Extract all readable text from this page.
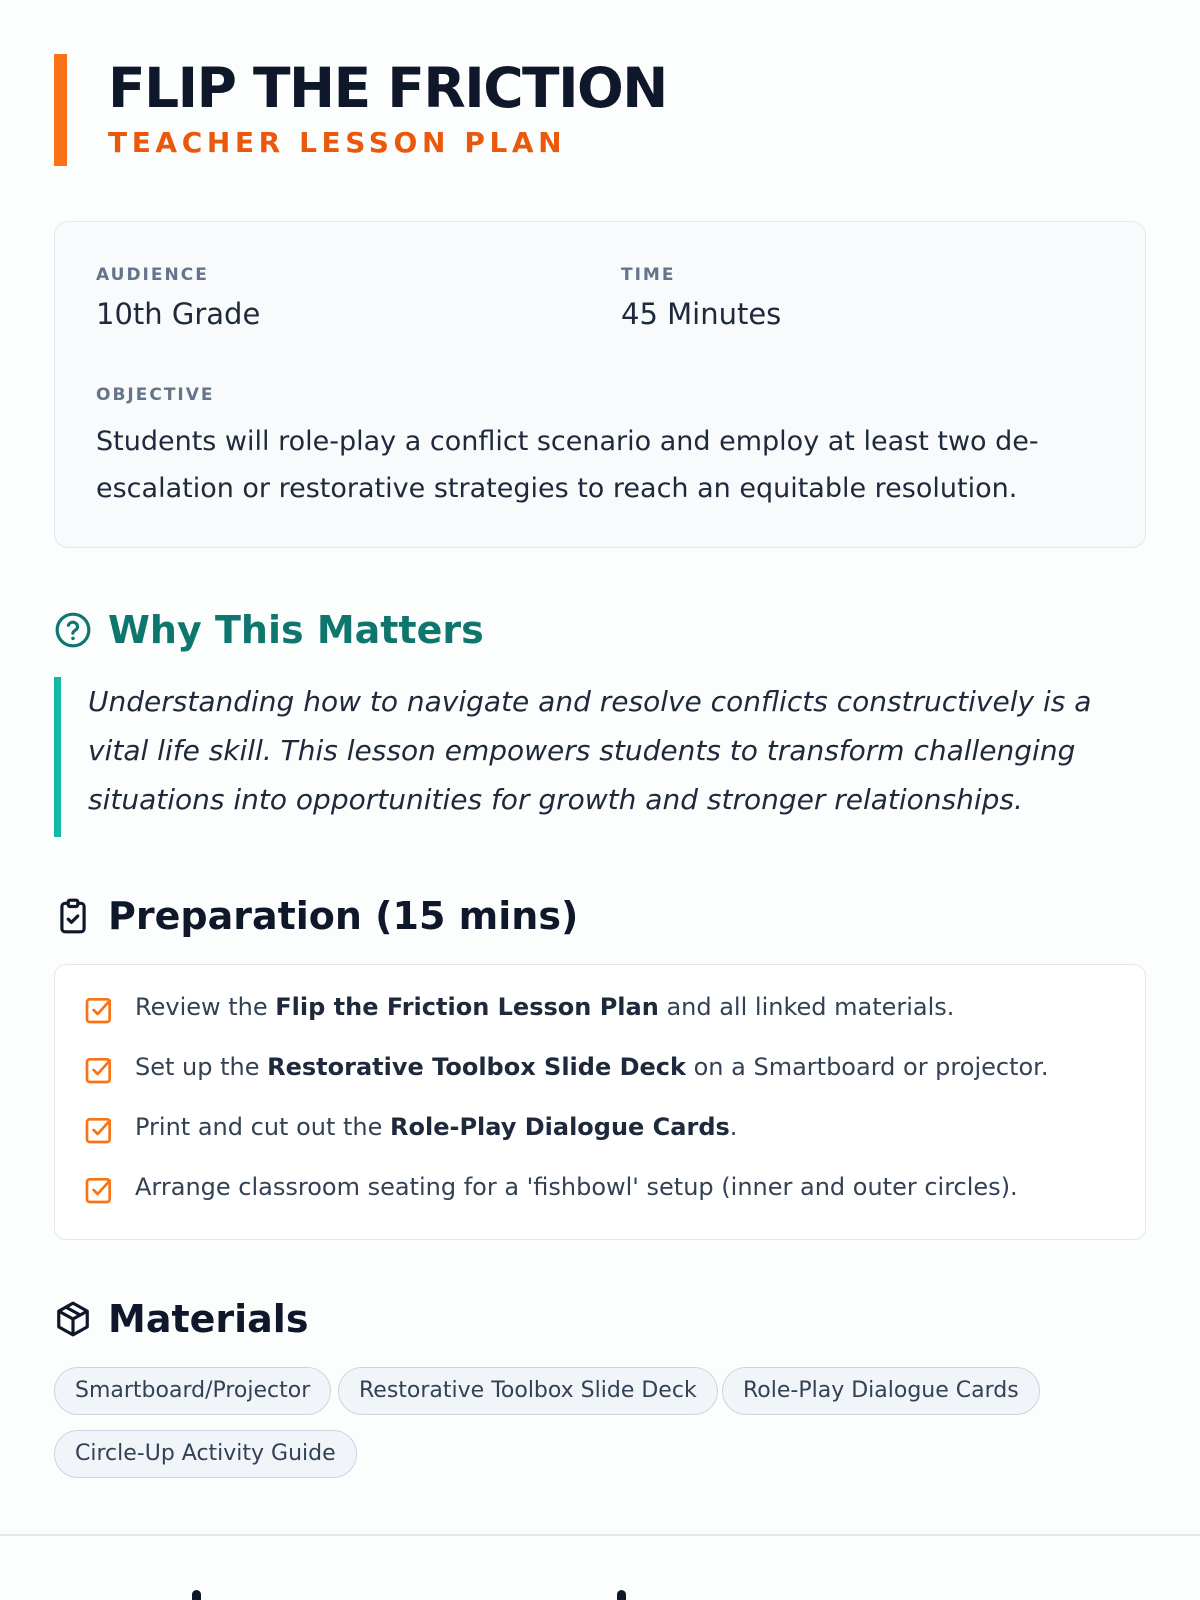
FLIP THE FRICTION

TEACHER LESSON PLAN

AUDIENCE
10th Grade
TIME
45 Minutes
OBJECTIVE

Students will role-play a conflict scenario and employ at least two de-escalation or restorative strategies to reach an equitable resolution.

Why This Matters

Understanding how to navigate and resolve conflicts constructively is a vital life skill. This lesson empowers students to transform challenging situations into opportunities for growth and stronger relationships.

Preparation (15 mins)
Review the Flip the Friction Lesson Plan and all linked materials.
Set up the Restorative Toolbox Slide Deck on a Smartboard or projector.
Print and cut out the Role-Play Dialogue Cards.
Arrange classroom seating for a 'fishbowl' setup (inner and outer circles).
Materials
Smartboard/Projector	Restorative Toolbox Slide Deck	Role-Play Dialogue Cards
Circle-Up Activity Guide
